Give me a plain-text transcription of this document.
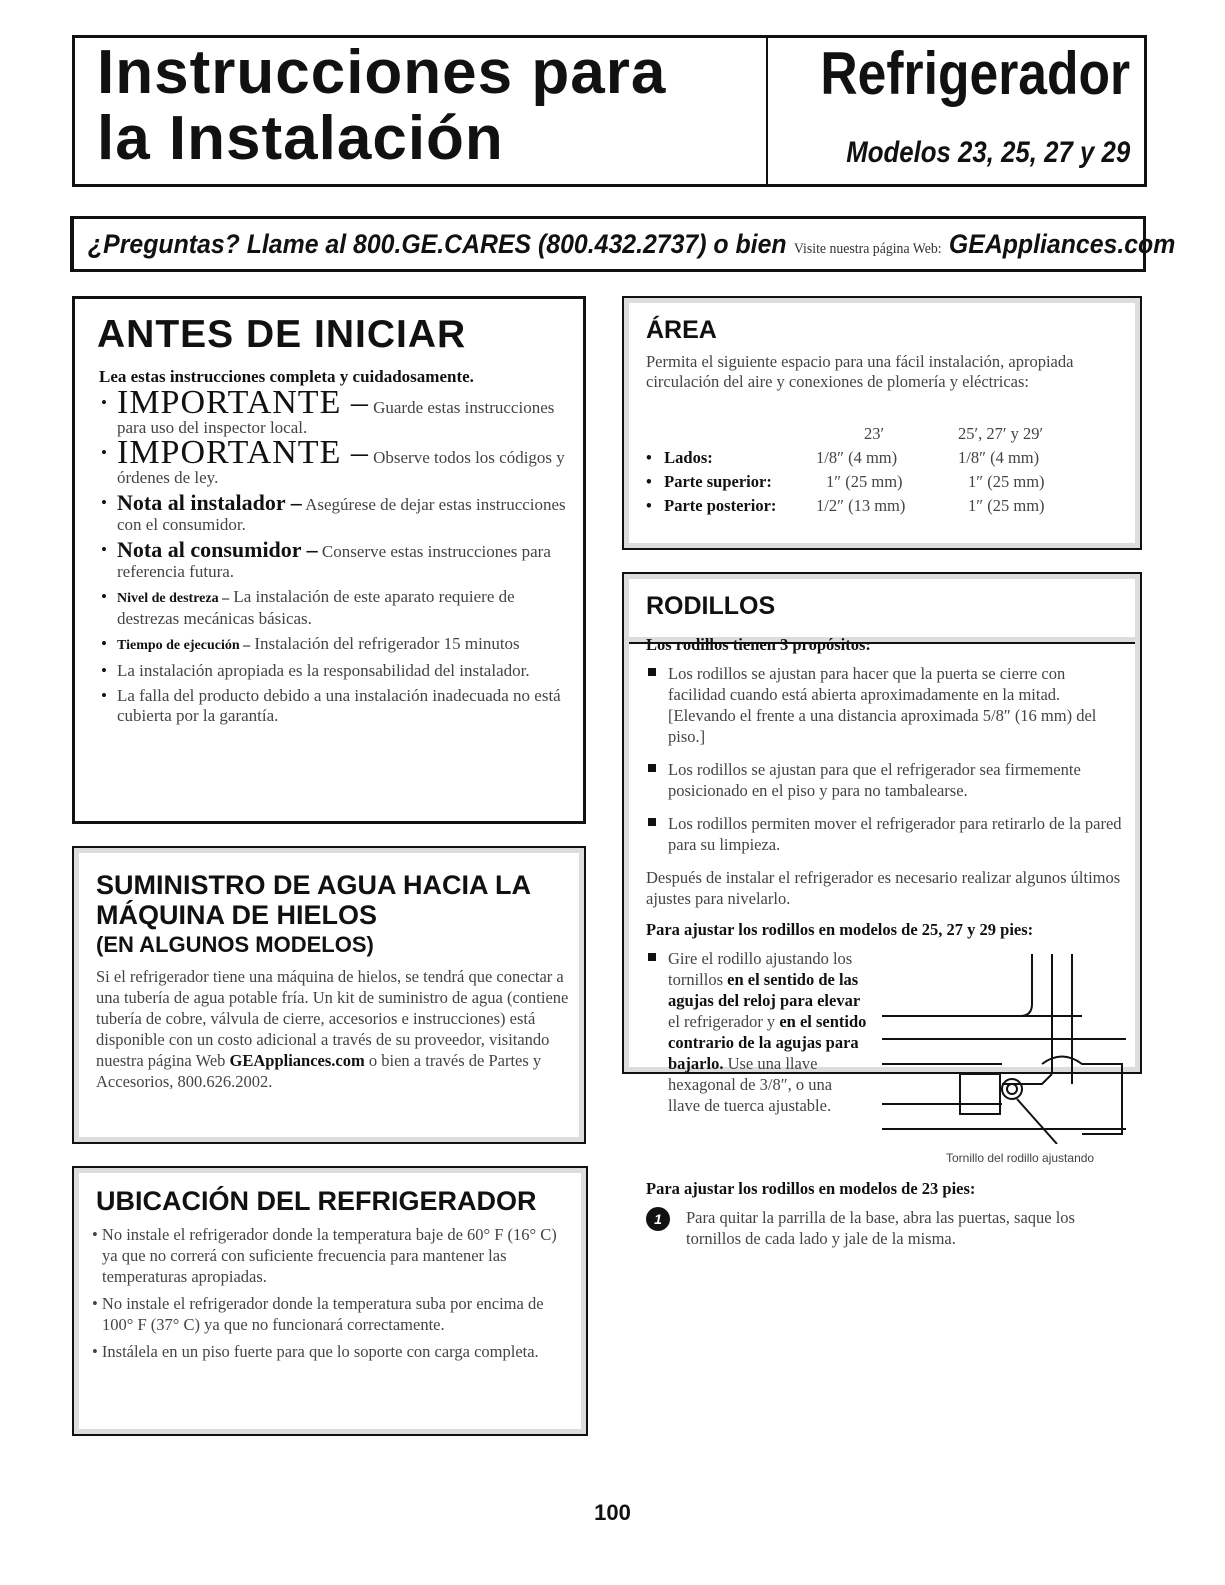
Instrucciones para
la Instalación
Refrigerador
Modelos 23, 25, 27 y 29
¿Preguntas? Llame al 800.GE.CARES (800.432.2737) o bien Visite nuestra página Web: GEAppliances.com
ANTES DE INICIAR
Lea estas instrucciones completa y cuidadosamente.
• IMPORTANTE – Guarde estas instrucciones para uso del inspector local.
• IMPORTANTE – Observe todos los códigos y órdenes de ley.
• Nota al instalador – Asegúrese de dejar estas instrucciones con el consumidor.
• Nota al consumidor – Conserve estas instrucciones para referencia futura.
• Nivel de destreza – La instalación de este aparato requiere de destrezas mecánicas básicas.
• Tiempo de ejecución – Instalación del refrigerador 15 minutos
• La instalación apropiada es la responsabilidad del instalador.
• La falla del producto debido a una instalación inadecuada no está cubierta por la garantía.
SUMINISTRO DE AGUA HACIA LA MÁQUINA DE HIELOS
(EN ALGUNOS MODELOS)
Si el refrigerador tiene una máquina de hielos, se tendrá que conectar a una tubería de agua potable fría. Un kit de suministro de agua (contiene tubería de cobre, válvula de cierre, accesorios e instrucciones) está disponible con un costo adicional a través de su proveedor, visitando nuestra página Web GEAppliances.com o bien a través de Partes y Accesorios, 800.626.2002.
UBICACIÓN DEL REFRIGERADOR

• No instale el refrigerador donde la temperatura baje de 60° F (16° C) ya que no correrá con suficiente frecuencia para mantener las temperaturas apropiadas.

• No instale el refrigerador donde la temperatura suba por encima de 100° F (37° C) ya que no funcionará correctamente.

• Instálela en un piso fuerte para que lo soporte con carga completa.

ÁREA
Permita el siguiente espacio para una fácil instalación, apropiada circulación del aire y conexiones de plomería y eléctricas:
23′	25′, 27′ y 29′
• Lados:	1/8″ (4 mm)	1/8″ (4 mm)
• Parte superior:	1″ (25 mm)	1″ (25 mm)
• Parte posterior: 1/2″ (13 mm)	1″ (25 mm)
RODILLOS

Los rodillos tienen 3 propósitos:

Los rodillos se ajustan para hacer que la puerta se cierre con facilidad cuando está abierta aproximadamente en la mitad. [Elevando el frente a una distancia aproximada 5/8″ (16 mm) del piso.]
Los rodillos se ajustan para que el refrigerador sea firmemente posicionado en el piso y para no tambalearse.
Los rodillos permiten mover el refrigerador para retirarlo de la pared para su limpieza.

Después de instalar el refrigerador es necesario realizar algunos últimos ajustes para nivelarlo.

Para ajustar los rodillos en modelos de 25, 27 y 29 pies:

Gire el rodillo ajustando los tornillos en el sentido de las agujas del reloj para elevar el refrigerador y en el sentido contrario de la agujas para bajarlo. Use una llave hexagonal de 3/8″, o una llave de tuerca ajustable.
Tornillo del rodillo ajustando

Para ajustar los rodillos en modelos de 23 pies:

1	Para quitar la parrilla de la base, abra las puertas, saque los tornillos de cada lado y jale de la misma.
100
